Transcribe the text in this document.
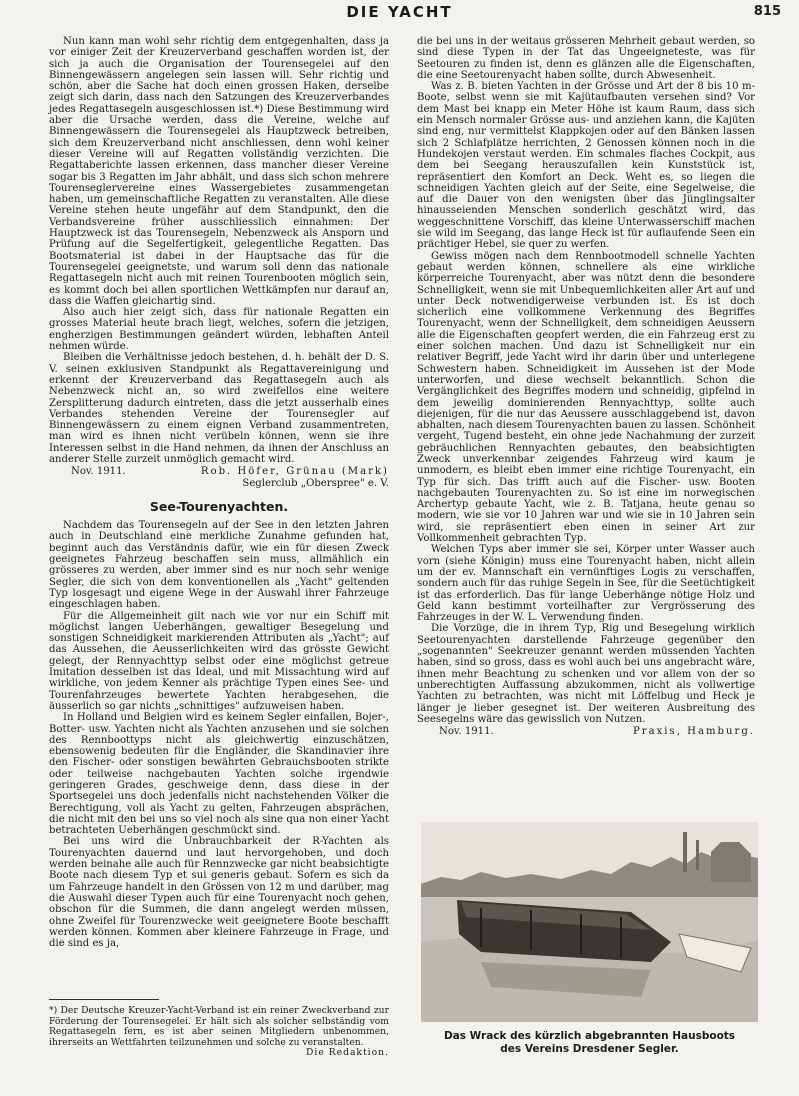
DIE YACHT	815

Nun kann man wohl sehr richtig dem entgegenhalten, dass ja vor einiger Zeit der Kreuzerverband geschaffen worden ist, der sich ja auch die Organisation der Tourensegelei auf den Binnengewässern angelegen sein lassen will. Sehr richtig und schön, aber die Sache hat doch einen grossen Haken, derselbe zeigt sich darin, dass nach den Satzungen des Kreuzerverbandes jedes Regattasegeln ausgeschlossen ist.*) Diese Bestimmung wird aber die Ursache werden, dass die Vereine, welche auf Binnengewässern die Tourensegelei als Hauptzweck betreiben, sich dem Kreuzerverband nicht anschliessen, denn wohl keiner dieser Vereine will auf Regatten vollständig verzichten. Die Regattaberichte lassen erkennen, dass mancher dieser Vereine sogar bis 3 Regatten im Jahr abhält, und dass sich schon mehrere Tourenseglervereine eines Wassergebietes zusammengetan haben, um gemeinschaftliche Regatten zu veranstalten. Alle diese Vereine stehen heute ungefähr auf dem Standpunkt, den die Verbandsvereine früher ausschliesslich einnahmen: Der Hauptzweck ist das Tourensegeln, Nebenzweck als Ansporn und Prüfung auf die Segelfertigkeit, gelegentliche Regatten. Das Bootsmaterial ist dabei in der Hauptsache das für die Tourensegelei geeignetste, und warum soll denn das nationale Regattasegeln nicht auch mit reinen Tourenbooten möglich sein, es kommt doch bei allen sportlichen Wettkämpfen nur darauf an, dass die Waffen gleichartig sind.

Also auch hier zeigt sich, dass für nationale Regatten ein grosses Material heute brach liegt, welches, sofern die jetzigen, engherzigen Bestimmungen geändert würden, lebhaften Anteil nehmen würde.

Bleiben die Verhältnisse jedoch bestehen, d. h. behält der D. S. V. seinen exklusiven Standpunkt als Regattavereinigung und erkennt der Kreuzerverband das Regattasegeln auch als Nebenzweck nicht an, so wird zweifellos eine weitere Zersplitterung dadurch eintreten, dass die jetzt ausserhalb eines Verbandes stehenden Vereine der Tourensegler auf Binnengewässern zu einem eignen Verband zusammentreten, man wird es ihnen nicht verübeln können, wenn sie ihre Interessen selbst in die Hand nehmen, da ihnen der Anschluss an anderer Stelle zurzeit unmöglich gemacht wird.

Nov. 1911.	Rob. Höfer, Grünau (Mark)
Seglerclub „Oberspree" e. V.
See-Tourenyachten.

Nachdem das Tourensegeln auf der See in den letzten Jahren auch in Deutschland eine merkliche Zunahme gefunden hat, beginnt auch das Verständnis dafür, wie ein für diesen Zweck geeignetes Fahrzeug beschaffen sein muss, allmählich ein grösseres zu werden, aber immer sind es nur noch sehr wenige Segler, die sich von dem konventionellen als „Yacht" geltenden Typ losgesagt und eigene Wege in der Auswahl ihrer Fahrzeuge eingeschlagen haben.

Für die Allgemeinheit gilt nach wie vor nur ein Schiff mit möglichst langen Ueberhängen, gewaltiger Besegelung und sonstigen Schneidigkeit markierenden Attributen als „Yacht"; auf das Aussehen, die Aeusserlichkeiten wird das grösste Gewicht gelegt, der Rennyachttyp selbst oder eine möglichst getreue Imitation desselben ist das Ideal, und mit Missachtung wird auf wirkliche, von jedem Kenner als prächtige Typen eines See- und Tourenfahrzeuges bewertete Yachten herabgesehen, die äusserlich so gar nichts „schnittiges" aufzuweisen haben.

In Holland und Belgien wird es keinem Segler einfallen, Bojer-, Botter- usw. Yachten nicht als Yachten anzusehen und sie solchen des Rennboottyps nicht als gleichwertig einzuschätzen, ebensowenig bedeuten für die Engländer, die Skandinavier ihre den Fischer- oder sonstigen bewährten Gebrauchsbooten strikte oder teilweise nachgebauten Yachten solche irgendwie geringeren Grades, geschweige denn, dass diese in der Sportsegelei uns doch jedenfalls nicht nachstehenden Völker die Berechtigung, voll als Yacht zu gelten, Fahrzeugen absprächen, die nicht mit den bei uns so viel noch als sine qua non einer Yacht betrachteten Ueberhängen geschmückt sind.

Bei uns wird die Unbrauchbarkeit der R-Yachten als Tourenyachten dauernd und laut hervorgehoben, und doch werden beinahe alle auch für Rennzwecke gar nicht beabsichtigte Boote nach diesem Typ et sui generis gebaut. Sofern es sich da um Fahrzeuge handelt in den Grössen von 12 m und darüber, mag die Auswahl dieser Typen auch für eine Tourenyacht noch gehen, obschon für die Summen, die dann angelegt werden müssen, ohne Zweifel für Tourenzwecke weit geeignetere Boote beschafft werden können. Kommen aber kleinere Fahrzeuge in Frage, und die sind es ja,

*) Der Deutsche Kreuzer-Yacht-Verband ist ein reiner Zweckverband zur Förderung der Tourensegelei. Er hält sich als solcher selbständig vom Regattasegeln fern, es ist aber seinen Mitgliedern unbenommen, ihrerseits an Wettfahrten teilzunehmen und solche zu veranstalten.

Die Redaktion.

die bei uns in der weitaus grösseren Mehrheit gebaut werden, so sind diese Typen in der Tat das Ungeeigneteste, was für Seetouren zu finden ist, denn es glänzen alle die Eigenschaften, die eine Seetourenyacht haben sollte, durch Abwesenheit.

Was z. B. bieten Yachten in der Grösse und Art der 8 bis 10 m-Boote, selbst wenn sie mit Kajütaufbauten versehen sind? Vor dem Mast bei knapp ein Meter Höhe ist kaum Raum, dass sich ein Mensch normaler Grösse aus- und anziehen kann, die Kajüten sind eng, nur vermittelst Klappkojen oder auf den Bänken lassen sich 2 Schlafplätze herrichten, 2 Genossen können noch in die Hundekojen verstaut werden. Ein schmales flaches Cockpit, aus dem bei Seegang herauszufallen kein Kunststück ist, repräsentiert den Komfort an Deck. Weht es, so liegen die schneidigen Yachten gleich auf der Seite, eine Segelweise, die auf die Dauer von den wenigsten über das Jünglingsalter hinausseienden Menschen sonderlich geschätzt wird, das weggeschnittene Vorschiff, das kleine Unterwasserschiff machen sie wild im Seegang, das lange Heck ist für auflaufende Seen ein prächtiger Hebel, sie quer zu werfen.

Gewiss mögen nach dem Rennbootmodell schnelle Yachten gebaut werden können, schnellere als eine wirkliche körperreiche Tourenyacht, aber was nützt denn die besondere Schnelligkeit, wenn sie mit Unbequemlichkeiten aller Art auf und unter Deck notwendigerweise verbunden ist. Es ist doch sicherlich eine vollkommene Verkennung des Begriffes Tourenyacht, wenn der Schnelligkeit, dem schneidigen Aeussern alle die Eigenschaften geopfert werden, die ein Fahrzeug erst zu einer solchen machen. Und dazu ist Schnelligkeit nur ein relativer Begriff, jede Yacht wird ihr darin über und unterlegene Schwestern haben. Schneidigkeit im Aussehen ist der Mode unterworfen, und diese wechselt bekanntlich. Schon die Vergänglichkeit des Begriffes modern und schneidig, gipfelnd in dem jeweilig dominierenden Rennyachttyp, sollte auch diejenigen, für die nur das Aeussere ausschlaggebend ist, davon abhalten, nach diesem Tourenyachten bauen zu lassen. Schönheit vergeht, Tugend besteht, ein ohne jede Nachahmung der zurzeit gebräuchlichen Rennyachten gebautes, den beabsichtigten Zweck unverkennbar zeigendes Fahrzeug wird kaum je unmodern, es bleibt eben immer eine richtige Tourenyacht, ein Typ für sich. Das trifft auch auf die Fischer- usw. Booten nachgebauten Tourenyachten zu. So ist eine im norwegischen Archertyp gebaute Yacht, wie z. B. Tatjana, heute genau so modern, wie sie vor 10 Jahren war und wie sie in 10 Jahren sein wird, sie repräsentiert eben einen in seiner Art zur Vollkommenheit gebrachten Typ.

Welchen Typs aber immer sie sei, Körper unter Wasser auch vorn (siehe Königin) muss eine Tourenyacht haben, nicht allein um der ev. Mannschaft ein vernünftiges Logis zu verschaffen, sondern auch für das ruhige Segeln in See, für die Seetüchtigkeit ist das erforderlich. Das für lange Ueberhänge nötige Holz und Geld kann bestimmt vorteilhafter zur Vergrösserung des Fahrzeuges in der W. L. Verwendung finden.

Die Vorzüge, die in ihrem Typ, Rig und Besegelung wirklich Seetourenyachten darstellende Fahrzeuge gegenüber den „sogenannten" Seekreuzer genannt werden müssenden Yachten haben, sind so gross, dass es wohl auch bei uns angebracht wäre, ihnen mehr Beachtung zu schenken und vor allem von der so unberechtigten Auffassung abzukommen, nicht als vollwertige Yachten zu betrachten, was nicht mit Löffelbug und Heck je länger je lieber gesegnet ist. Der weiteren Ausbreitung des Seesegelns wäre das gewisslich von Nutzen.

Nov. 1911.	Praxis, Hamburg.
Das Wrack des kürzlich abgebrannten Hausboots
des Vereins Dresdener Segler.
